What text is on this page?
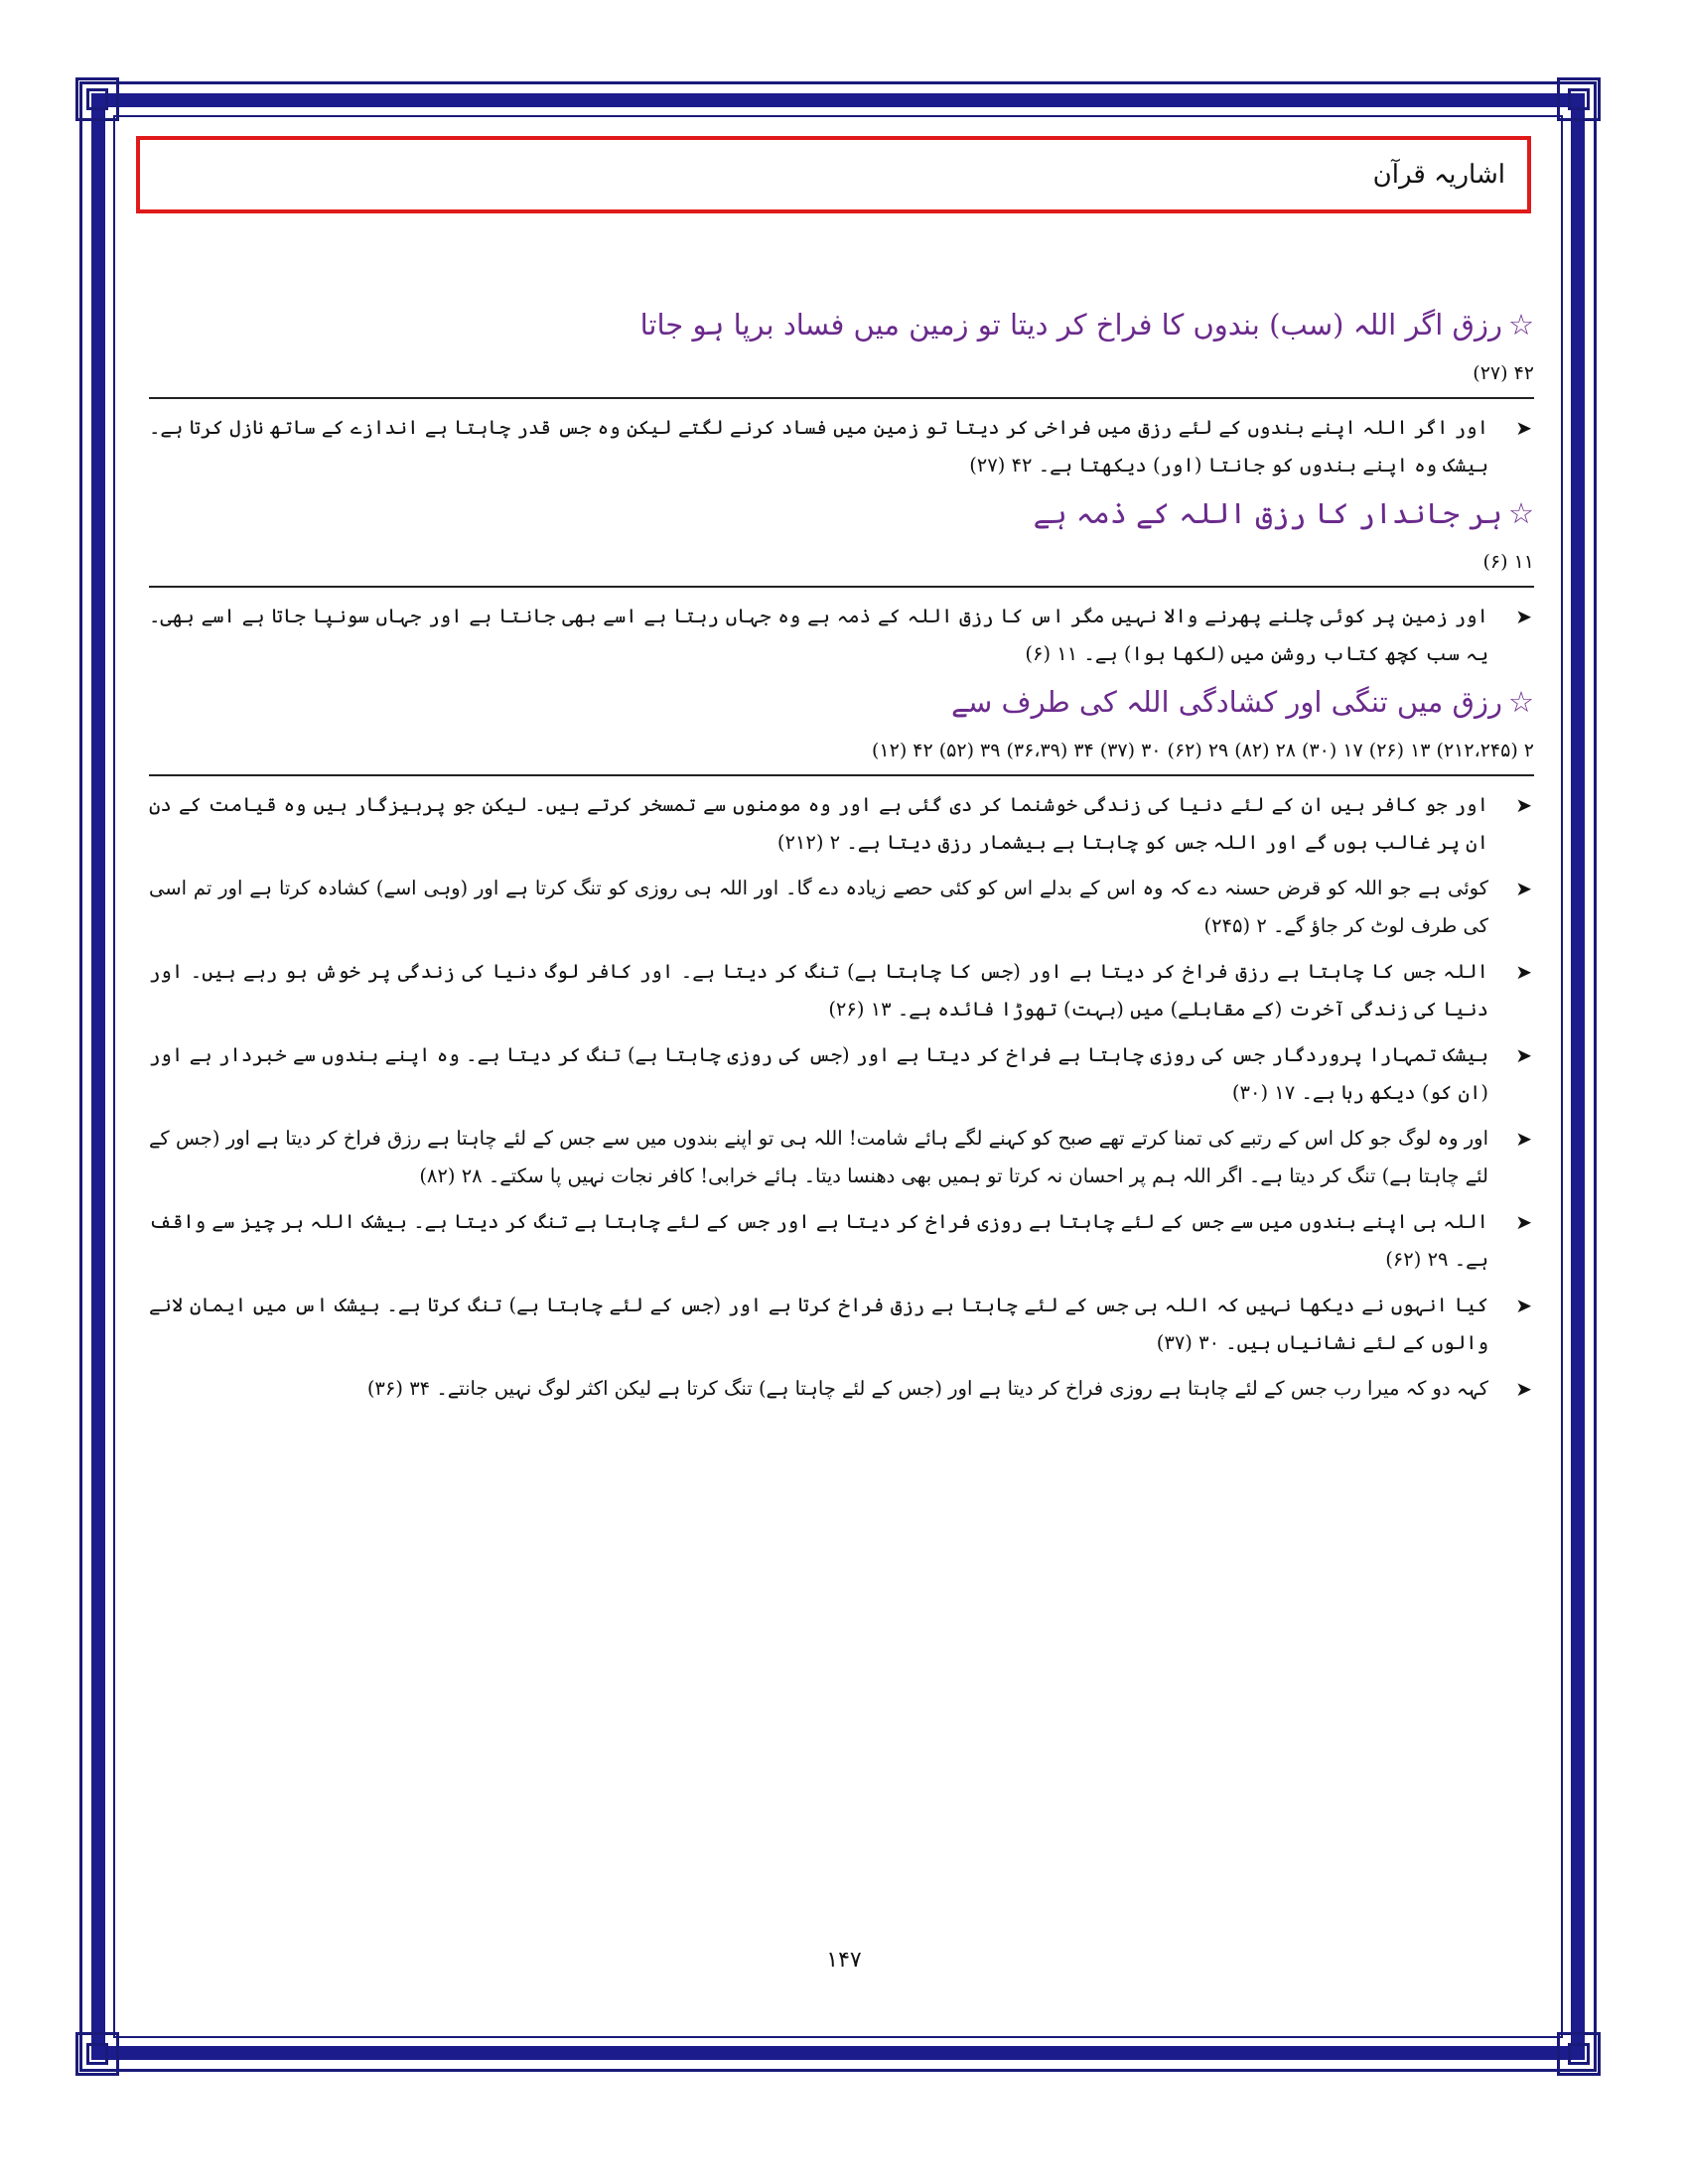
اشاریہ قرآن
☆رزق اگر اللہ (سب) بندوں کا فراخ کر دیتا تو زمین میں فساد برپا ہو جاتا
۴۲ (۲۷)
➤
اور اگر اللہ اپنے بندوں کے لئے رزق میں فراخی کر دیتا تو زمین میں فساد کرنے لگتے لیکن وہ جس قدر چاہتا ہے اندازے کے ساتھ نازل کرتا ہے۔ بیشک وہ اپنے بندوں کو جانتا (اور) دیکھتا ہے۔ ۴۲ (۲۷)
☆ہر جاندار کا رزق اللہ کے ذمہ ہے
۱۱ (۶)
➤
اور زمین پر کوئی چلنے پھرنے والا نہیں مگر اس کا رزق اللہ کے ذمہ ہے وہ جہاں رہتا ہے اسے بھی جانتا ہے اور جہاں سونپا جاتا ہے اسے بھی۔ یہ سب کچھ کتاب روشن میں (لکھا ہوا) ہے۔ ۱۱ (۶)
☆رزق میں تنگی اور کشادگی اللہ کی طرف سے
۲ (۲۱۲،۲۴۵) ۱۳ (۲۶) ۱۷ (۳۰) ۲۸ (۸۲) ۲۹ (۶۲) ۳۰ (۳۷) ۳۴ (۳۶،۳۹) ۳۹ (۵۲) ۴۲ (۱۲)
➤
اور جو کافر ہیں ان کے لئے دنیا کی زندگی خوشنما کر دی گئی ہے اور وہ مومنوں سے تمسخر کرتے ہیں۔ لیکن جو پرہیزگار ہیں وہ قیامت کے دن ان پر غالب ہوں گے اور اللہ جس کو چاہتا ہے بیشمار رزق دیتا ہے۔ ۲ (۲۱۲)
➤
کوئی ہے جو اللہ کو قرض حسنہ دے کہ وہ اس کے بدلے اس کو کئی حصے زیادہ دے گا۔ اور اللہ ہی روزی کو تنگ کرتا ہے اور (وہی اسے) کشادہ کرتا ہے اور تم اسی کی طرف لوٹ کر جاؤ گے۔ ۲ (۲۴۵)
➤
اللہ جس کا چاہتا ہے رزق فراخ کر دیتا ہے اور (جس کا چاہتا ہے) تنگ کر دیتا ہے۔ اور کافر لوگ دنیا کی زندگی پر خوش ہو رہے ہیں۔ اور دنیا کی زندگی آخرت (کے مقابلے) میں (بہت) تھوڑا فائدہ ہے۔ ۱۳ (۲۶)
➤
بیشک تمہارا پروردگار جس کی روزی چاہتا ہے فراخ کر دیتا ہے اور (جس کی روزی چاہتا ہے) تنگ کر دیتا ہے۔ وہ اپنے بندوں سے خبردار ہے اور (ان کو) دیکھ رہا ہے۔ ۱۷ (۳۰)
➤
اور وہ لوگ جو کل اس کے رتبے کی تمنا کرتے تھے صبح کو کہنے لگے ہائے شامت! اللہ ہی تو اپنے بندوں میں سے جس کے لئے چاہتا ہے رزق فراخ کر دیتا ہے اور (جس کے لئے چاہتا ہے) تنگ کر دیتا ہے۔ اگر اللہ ہم پر احسان نہ کرتا تو ہمیں بھی دھنسا دیتا۔ ہائے خرابی! کافر نجات نہیں پا سکتے۔ ۲۸ (۸۲)
➤
اللہ ہی اپنے بندوں میں سے جس کے لئے چاہتا ہے روزی فراخ کر دیتا ہے اور جس کے لئے چاہتا ہے تنگ کر دیتا ہے۔ بیشک اللہ ہر چیز سے واقف ہے۔ ۲۹ (۶۲)
➤
کیا انہوں نے دیکھا نہیں کہ اللہ ہی جس کے لئے چاہتا ہے رزق فراخ کرتا ہے اور (جس کے لئے چاہتا ہے) تنگ کرتا ہے۔ بیشک اس میں ایمان لانے والوں کے لئے نشانیاں ہیں۔ ۳۰ (۳۷)
➤
کہہ دو کہ میرا رب جس کے لئے چاہتا ہے روزی فراخ کر دیتا ہے اور (جس کے لئے چاہتا ہے) تنگ کرتا ہے لیکن اکثر لوگ نہیں جانتے۔ ۳۴ (۳۶)
۱۴۷
